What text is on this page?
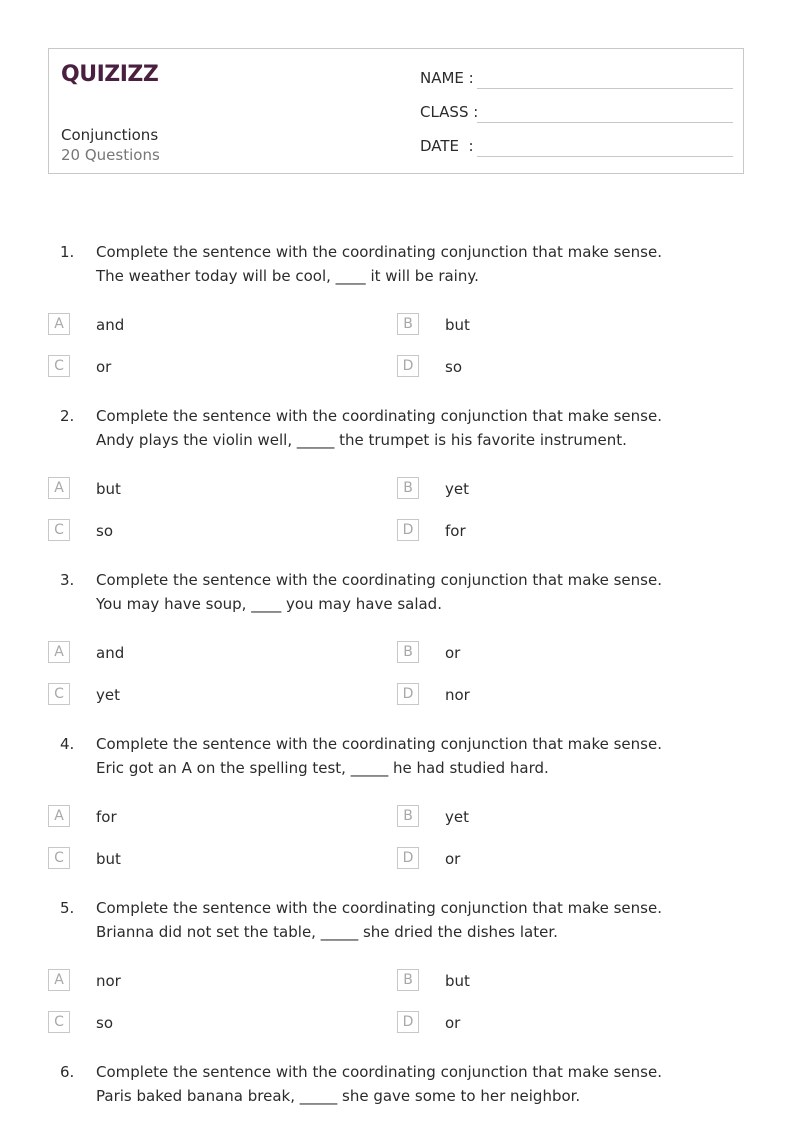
QUIZIZZ
Conjunctions
20 Questions
NAME :
CLASS :
DATE  :
1. Complete the sentence with the coordinating conjunction that make sense.
The weather today will be cool, ____ it will be rainy.
A	and	B	but
C	or	D	so
2. Complete the sentence with the coordinating conjunction that make sense.
Andy plays the violin well, _____ the trumpet is his favorite instrument.
A	but	B	yet
C	so	D	for
3. Complete the sentence with the coordinating conjunction that make sense.
You may have soup, ____ you may have salad.
A	and	B	or
C	yet	D	nor
4. Complete the sentence with the coordinating conjunction that make sense.
Eric got an A on the spelling test, _____ he had studied hard.
A	for	B	yet
C	but	D	or
5. Complete the sentence with the coordinating conjunction that make sense.
Brianna did not set the table, _____ she dried the dishes later.
A	nor	B	but
C	so	D	or
6. Complete the sentence with the coordinating conjunction that make sense.
Paris baked banana break, _____ she gave some to her neighbor.
